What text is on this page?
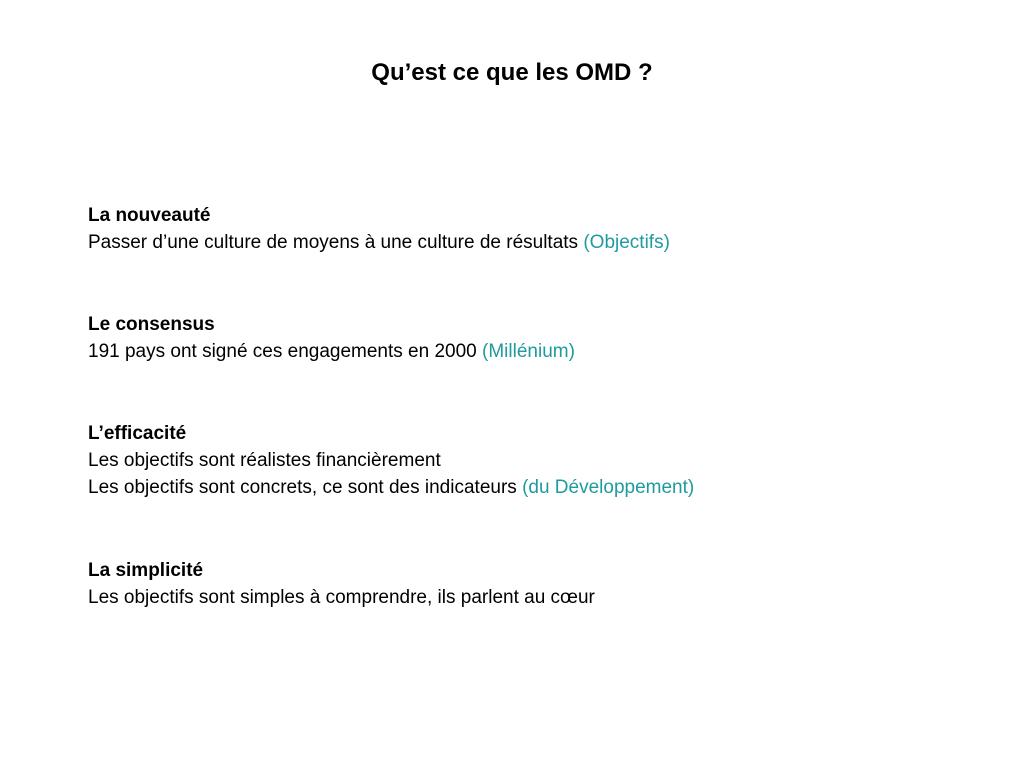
Qu’est ce que les OMD ?
La nouveauté
Passer d’une culture de moyens à une culture de résultats (Objectifs)
Le consensus
191 pays ont signé ces engagements en 2000 (Millénium)
L’efficacité
Les objectifs sont réalistes financièrement
Les objectifs sont concrets, ce sont des indicateurs (du Développement)
La simplicité
Les objectifs sont simples à comprendre, ils parlent au cœur
